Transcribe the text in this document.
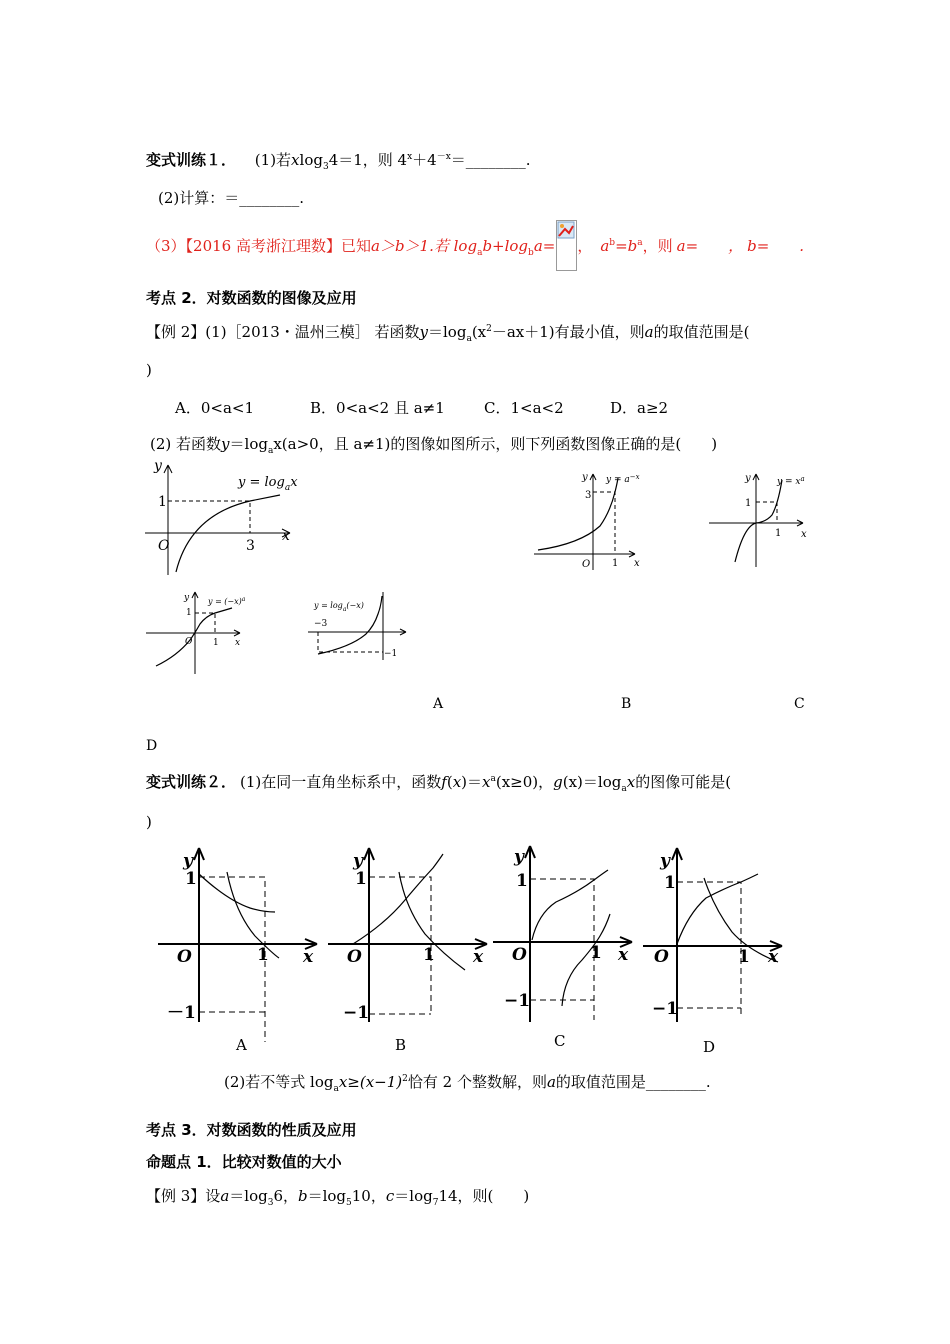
变式训练１． (1)若xlog$_3$4＝1，则 $4^x+4^{-x}=\_\_\_\_\_\_\_\_$.
(2)计算：＝________.
（3）【2016 高考浙江理数】已知a＞b＞1.若 $\log_ab+\log_ba=$ ， $a^b=b^a$，则 a=　　， b=　　.
考点 2．对数函数的图像及应用
【例 2】(1)［2013・温州三模］ 若函数$y=\log_a(x^2-ax+1)$有最小值，则a的取值范围是(
)
A．0<a<1	B．0<a<2 且 a≠1	C．1<a<2	D．a≥2
(2) 若函数$y=\log_ax(a>0$，且 a≠1)的图像如图所示，则下列函数图像正确的是(　　)
y
x
O
1
3
$y = \log_ax$	y
x
O
3
1
$y = a^{-x}$	y
x
1
1
$y = x^a$
y
x
O
1
1
$y = (-x)^a$
$y = \log_a(-x)$
−3
−1
A	B	C
D
变式训练２． (1)在同一直角坐标系中，函数$f(x)=x^a(x\ge 0)$，$g(x)=\log_ax$的图像可能是(
)
y
x
O
1
1
－1
A
y
x
O
1
1
−1
B
y
x
O
1
1
−1
C
y
x
O
1
1
−1
D
(2)若不等式 $\log_ax\ge(x-1)^2$恰有 2 个整数解，则a的取值范围是________.
考点 3．对数函数的性质及应用
命题点 1．比较对数值的大小
【例 3】设$a=\log_36$，$b=\log_510$，$c=\log_714$，则(　　)
